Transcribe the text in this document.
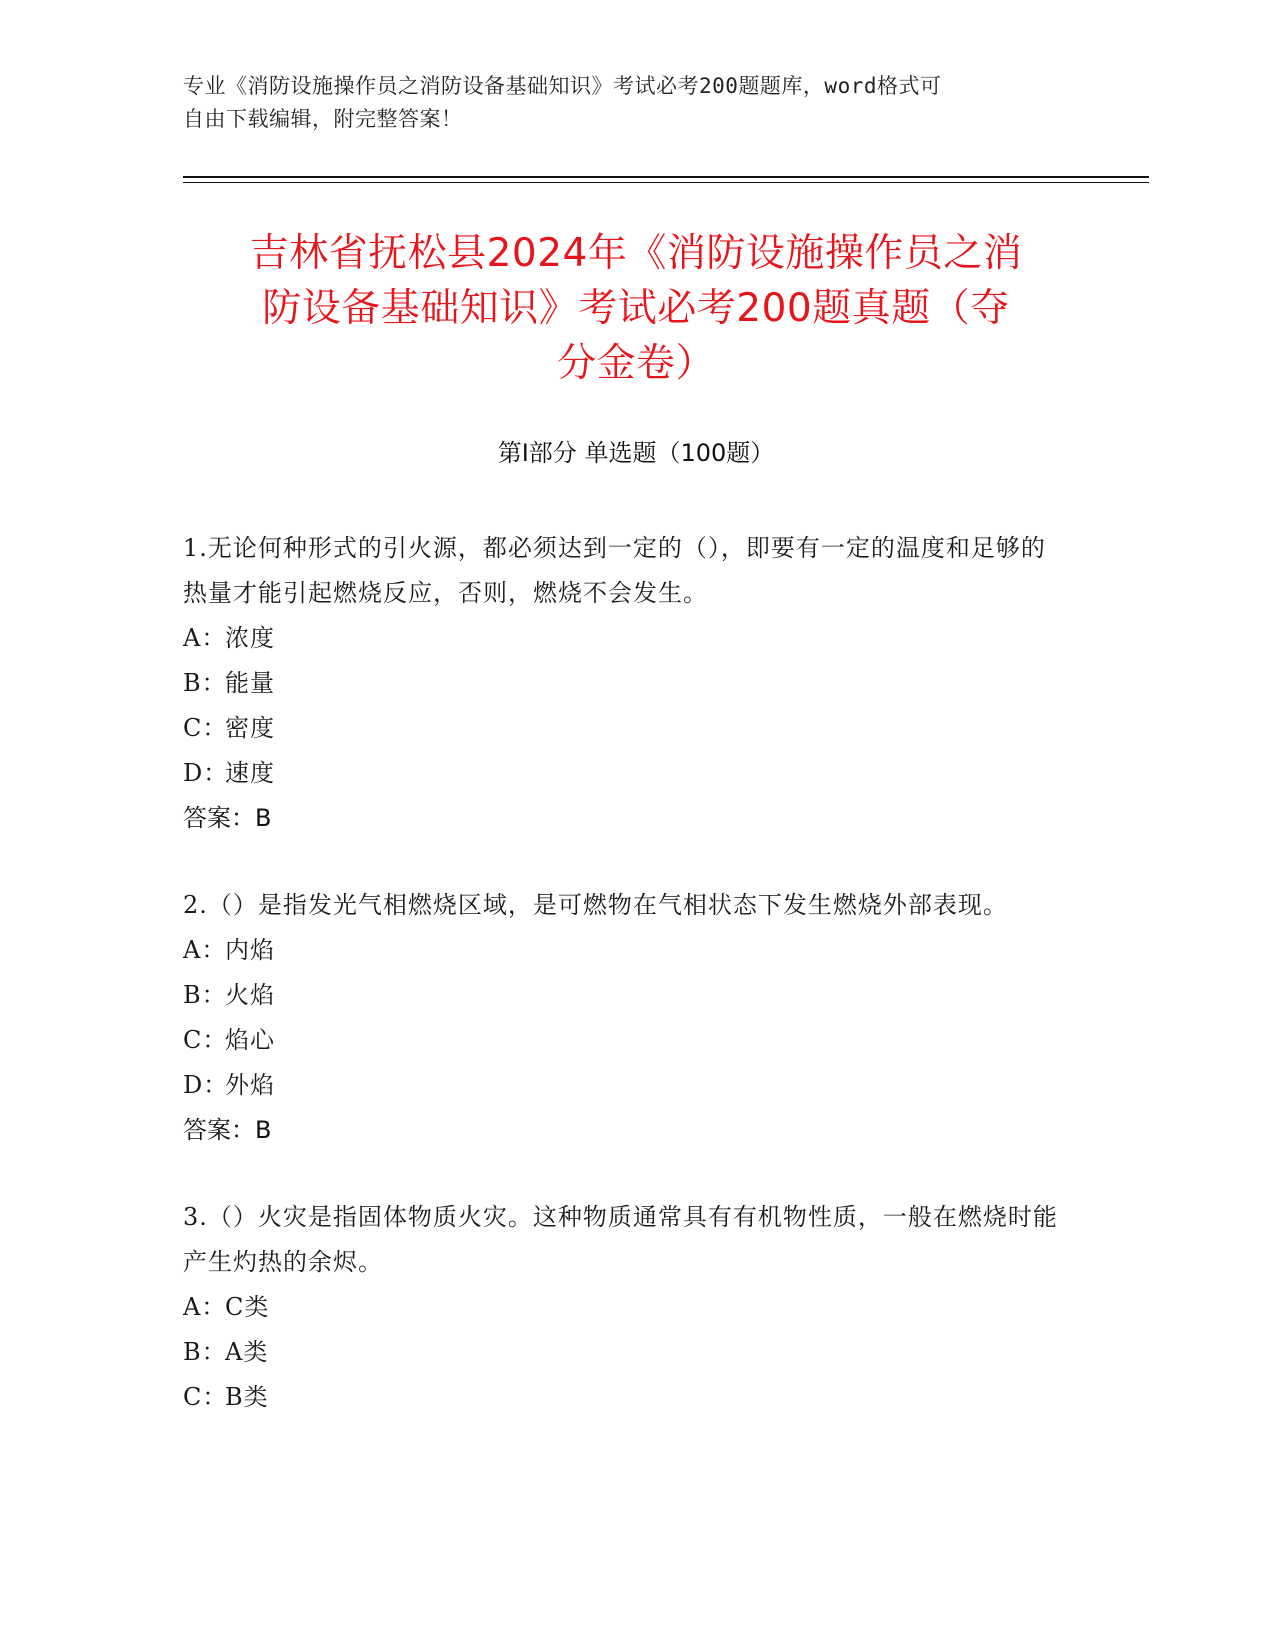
专业《消防设施操作员之消防设备基础知识》考试必考200题题库，word格式可
自由下载编辑，附完整答案！
吉林省抚松县2024年《消防设施操作员之消
防设备基础知识》考试必考200题真题（夺
分金卷）
第Ⅰ部分 单选题（100题）

1.无论何种形式的引火源，都必须达到一定的（），即要有一定的温度和足够的热量才能引起燃烧反应，否则，燃烧不会发生。

A：浓度

B：能量

C：密度

D：速度

答案：B

2.（）是指发光气相燃烧区域，是可燃物在气相状态下发生燃烧外部表现。

A：内焰

B：火焰

C：焰心

D：外焰

答案：B

3.（）火灾是指固体物质火灾。这种物质通常具有有机物性质，一般在燃烧时能产生灼热的余烬。

A：C类

B：A类

C：B类
